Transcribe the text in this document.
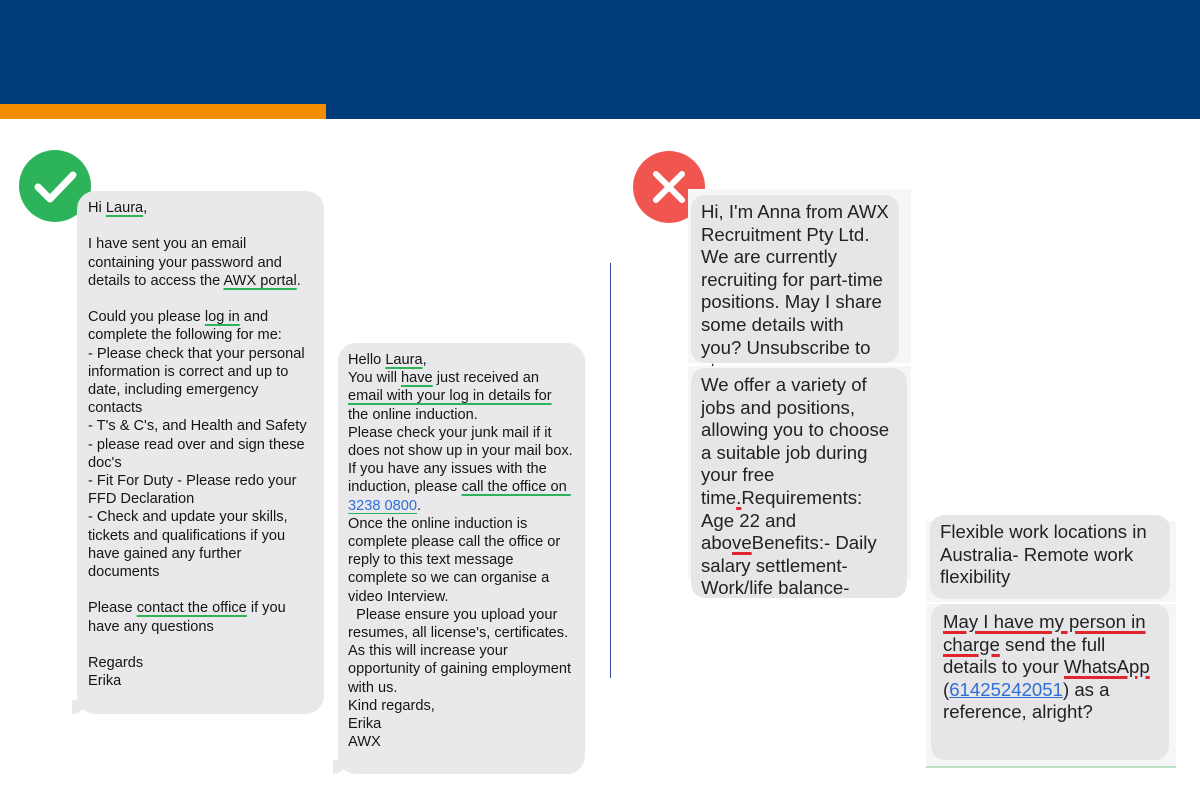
Hi Laura,

I have sent you an email containing your password and details to access the AWX portal.

Could you please log in and complete the following for me:
- Please check that your personal information is correct and up to date, including emergency contacts
- T's & C's, and Health and Safety - please read over and sign these doc's
- Fit For Duty - Please redo your FFD Declaration
- Check and update your skills, tickets and qualifications if you have gained any further documents

Please contact the office if you have any questions

Regards
Erika
Hello Laura,
You will have just received an email with your log in details for the online induction.
Please check your junk mail if it does not show up in your mail box. If you have any issues with the induction, please call the office on 3238 0800.
Once the online induction is complete please call the office or reply to this text message complete so we can organise a video Interview.
Please ensure you upload your resumes, all license's, certificates. As this will increase your opportunity of gaining employment with us.
Kind regards,
Erika
AWX
Hi, I'm Anna from AWX Recruitment Pty Ltd. We are currently recruiting for part-time positions. May I share some details with you? Unsubscribe to
We offer a variety of jobs and positions, allowing you to choose a suitable job during your free time.Requirements: Age 22 and aboveBenefits:- Daily salary settlement- Work/life balance-
Flexible work locations in Australia- Remote work flexibility
May I have my person in charge send the full details to your WhatsApp (61425242051) as a reference, alright?
